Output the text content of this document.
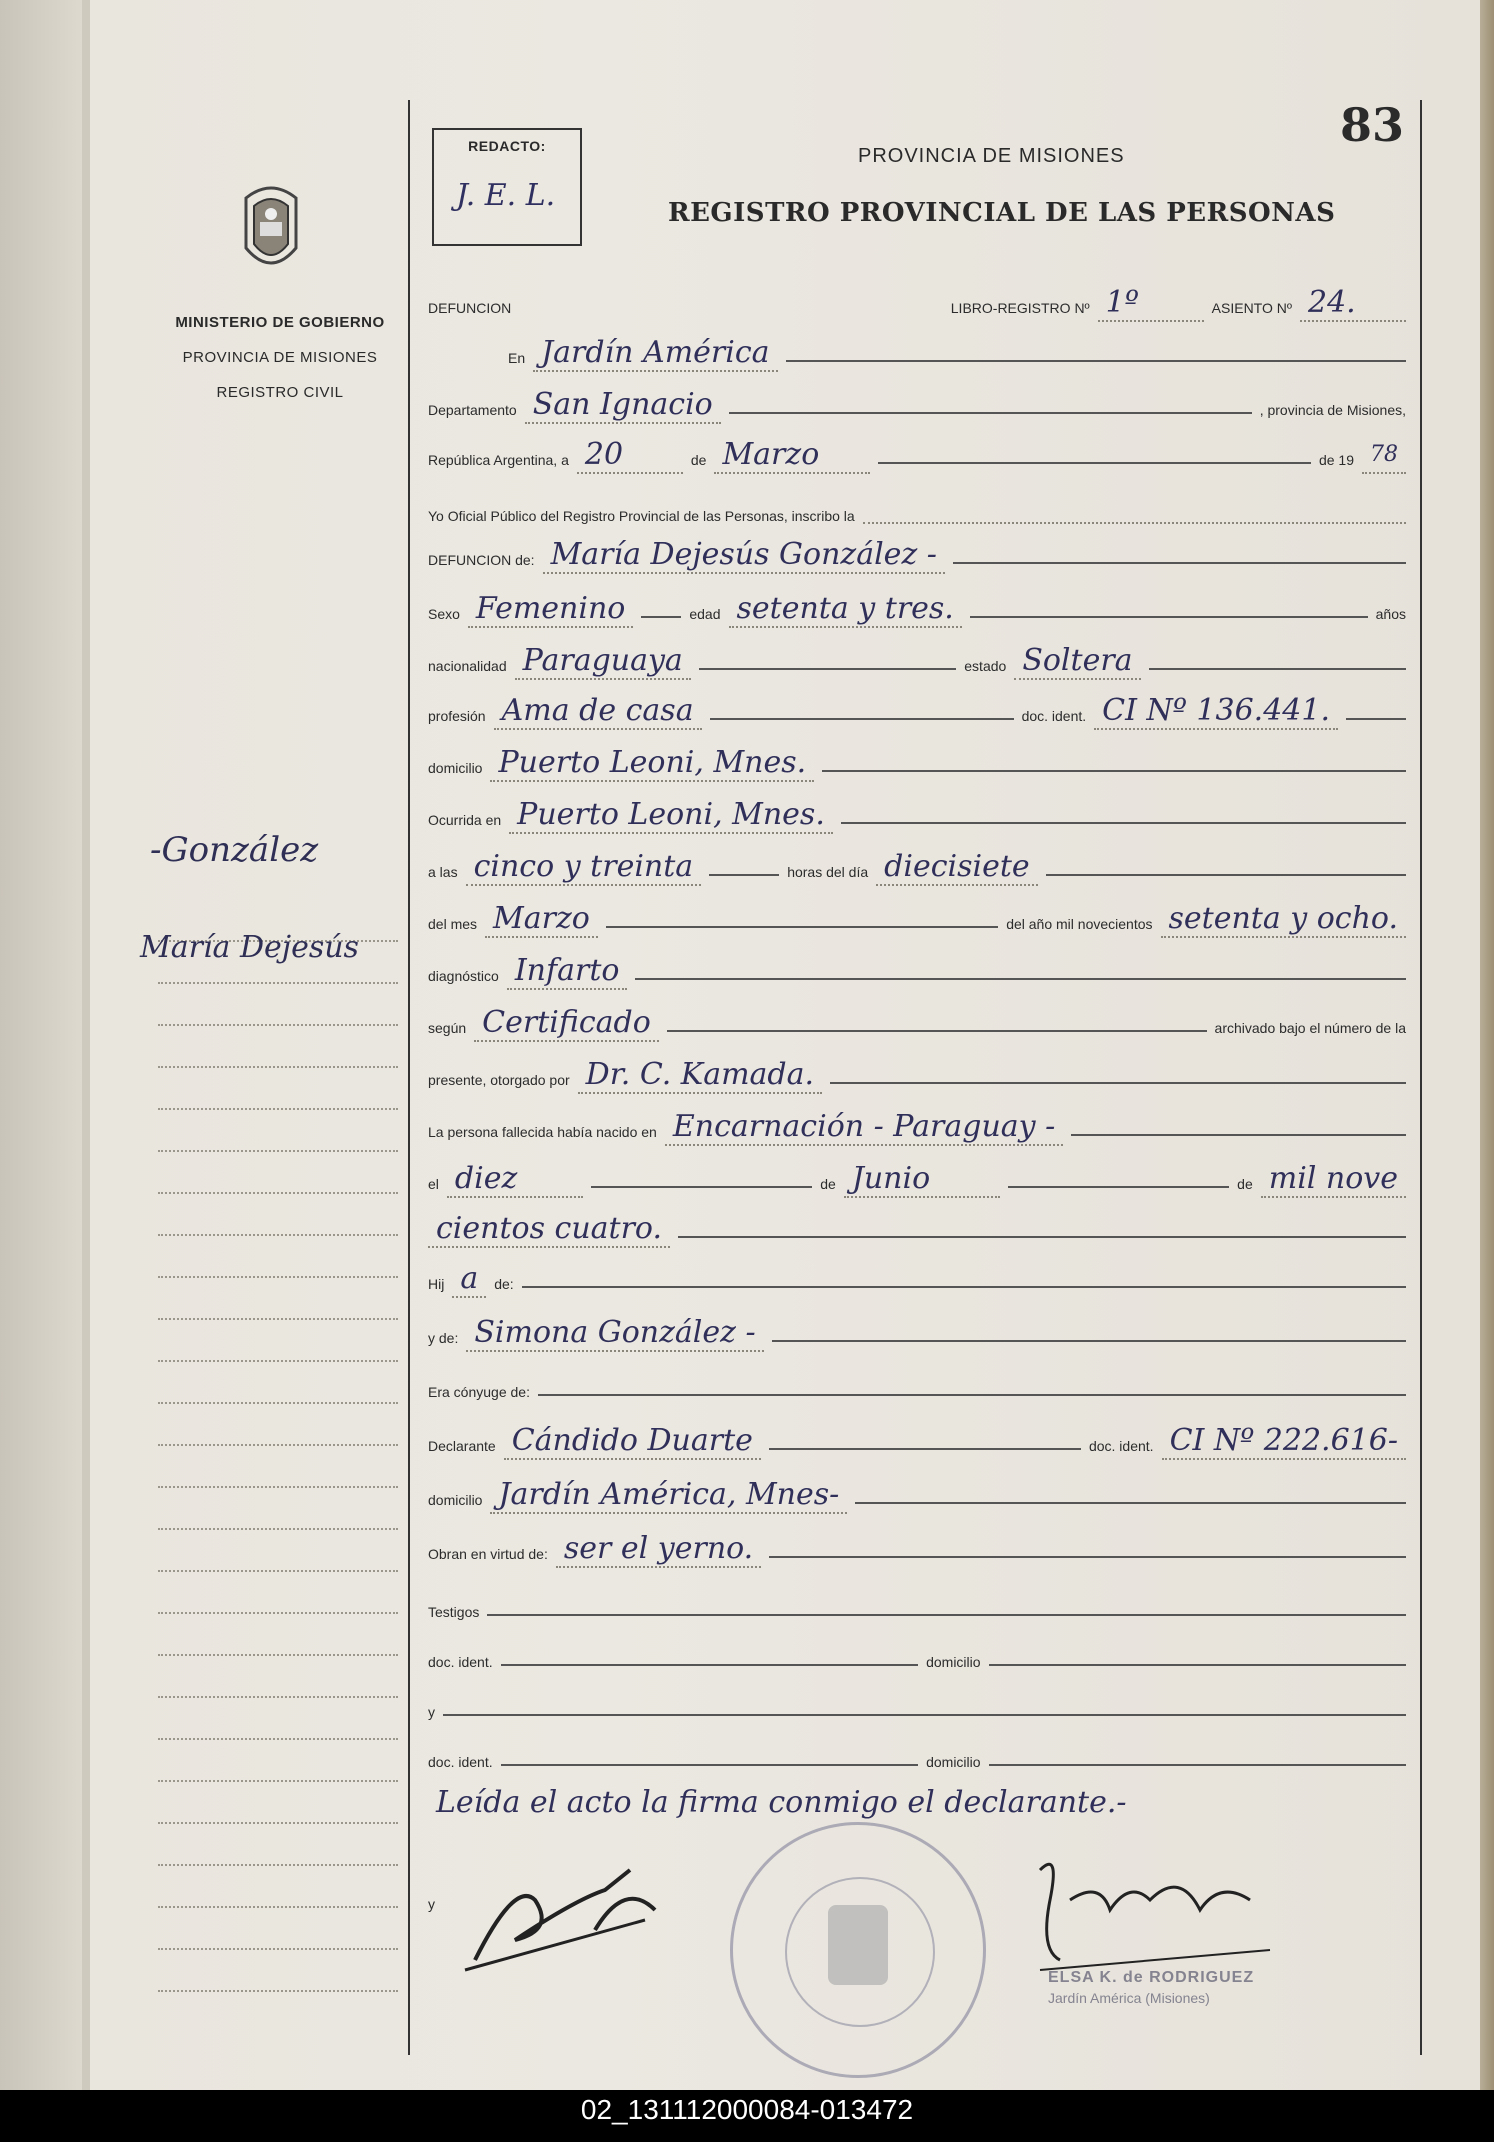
83
REDACTO:
J. E. L.
PROVINCIA DE MISIONES
REGISTRO PROVINCIAL DE LAS PERSONAS
MINISTERIO DE GOBIERNO
PROVINCIA DE MISIONES
REGISTRO CIVIL
-González
María Dejesús
DEFUNCION	LIBRO-REGISTRO Nº 1º	ASIENTO Nº 24.
En Jardín América
Departamento San Ignacio	, provincia de Misiones,
República Argentina, a 20	de Marzo	de 19 78
Yo Oficial Público del Registro Provincial de las Personas, inscribo la
DEFUNCION de: María Dejesús González -
Sexo Femenino	edad setenta y tres.	años
nacionalidad Paraguaya	estado Soltera
profesión Ama de casa	doc. ident. CI Nº 136.441.
domicilio Puerto Leoni, Mnes.
Ocurrida en Puerto Leoni, Mnes.
a las cinco y treinta	horas del día diecisiete
del mes Marzo	del año mil novecientos setenta y ocho.
diagnóstico Infarto
según Certificado	archivado bajo el número de la
presente, otorgado por Dr. C. Kamada.
La persona fallecida había nacido en Encarnación - Paraguay -
el diez	de Junio	de mil nove
cientos cuatro.
Hij a	de:
y de: Simona González -
Era cónyuge de:
Declarante Cándido Duarte	doc. ident. CI Nº 222.616-
domicilio Jardín América, Mnes-
Obran en virtud de: ser el yerno.
Testigos
doc. ident.	domicilio
y
doc. ident.	domicilio
Leída el acto la firma conmigo el declarante.-
y
ELSA K. de RODRIGUEZ
Jardín América (Misiones)
02_131112000084-013472
